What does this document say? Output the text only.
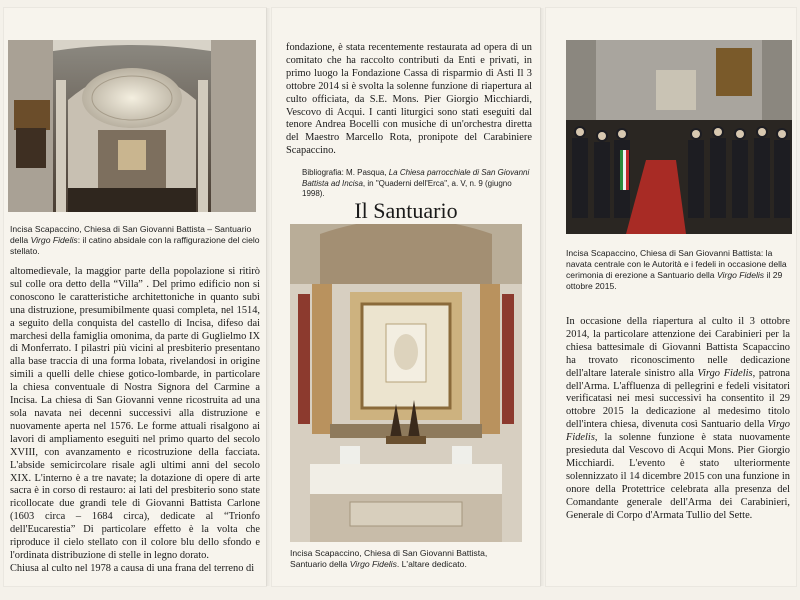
Incisa Scapaccino, Chiesa di San Giovanni Battista – Santuario della Virgo Fidelis: il catino absidale con la raffigurazione del cielo stellato.

altomedievale, la maggior parte della popolazione si ritirò sul colle ora detto della “Villa” . Del primo edificio non si conoscono le caratteristiche architettoniche in quanto subì una distruzione, presumibilmente quasi completa, nel 1514, a seguito della conquista del castello di Incisa, difeso dai marchesi della famiglia omonima, da parte di Guglielmo IX di Monferrato. I pilastri più vicini al presbiterio presentano alla base traccia di una forma lobata, rivelandosi in origine simili a quelli delle chiese gotico-lombarde, in particolare la chiesa conventuale di Nostra Signora del Carmine a Incisa. La chiesa di San Giovanni venne ricostruita ad una sola navata nei decenni successivi alla distruzione e nuovamente aperta nel 1576. Le forme attuali risalgono ai lavori di ampliamento eseguiti nel primo quarto del secolo XVIII, con avanzamento e ricostruzione della facciata. L'abside semicircolare risale agli ultimi anni del secolo XIX. L'interno è a tre navate; la dotazione di opere di arte sacra è in corso di restauro: ai lati del presbiterio sono state ricollocate due grandi tele di Giovanni Battista Carlone (1603 circa – 1684 circa), dedicate al “Trionfo dell'Eucarestia” Di particolare effetto è la volta che riproduce il cielo stellato con il colore blu dello sfondo e l'ordinata distribuzione di stelle in legno dorato.

Chiusa al culto nel 1978 a causa di una frana del terreno di

fondazione, è stata recentemente restaurata ad opera di un comitato che ha raccolto contributi da Enti e privati, in primo luogo la Fondazione Cassa di risparmio di Asti Il 3 ottobre 2014 si è svolta la solenne funzione di riapertura al culto officiata, da S.E. Mons. Pier Giorgio Micchiardi, Vescovo di Acqui. I canti liturgici sono stati eseguiti dal tenore Andrea Bocelli con musiche di un'orchestra diretta del Maestro Marcello Rota, pronipote del Carabiniere Scapaccino.

Bibliografia: M. Pasqua, La Chiesa parrocchiale di San Giovanni Battista ad Incisa, in "Quaderni dell'Erca", a. V, n. 9 (giugno 1998).
Il Santuario
Incisa Scapaccino, Chiesa di San Giovanni Battista,
Santuario della Virgo Fidelis. L'altare dedicato.
Incisa Scapaccino, Chiesa di San Giovanni Battista: la navata centrale con le Autorità e i fedeli in occasione della cerimonia di erezione a Santuario della Virgo Fidelis il 29 ottobre 2015.

In occasione della riapertura al culto il 3 ottobre 2014, la particolare attenzione dei Carabinieri per la chiesa battesimale di Giovanni Battista Scapaccino ha trovato riconoscimento nelle dedicazione dell'altare laterale sinistro alla Virgo Fidelis, patrona dell'Arma. L'affluenza di pellegrini e fedeli visitatori verificatasi nei mesi successivi ha consentito il 29 ottobre 2015 la dedicazione al medesimo titolo dell'intera chiesa, divenuta così Santuario della Virgo Fidelis, la solenne funzione è stata nuovamente presieduta dal Vescovo di Acqui Mons. Pier Giorgio Micchiardi. L'evento è stato ulteriormente solennizzato il 14 dicembre 2015 con una funzione in onore della Protettrice celebrata alla presenza del Comandante generale dell'Arma dei Carabinieri, Generale di Corpo d'Armata Tullio del Sette.
